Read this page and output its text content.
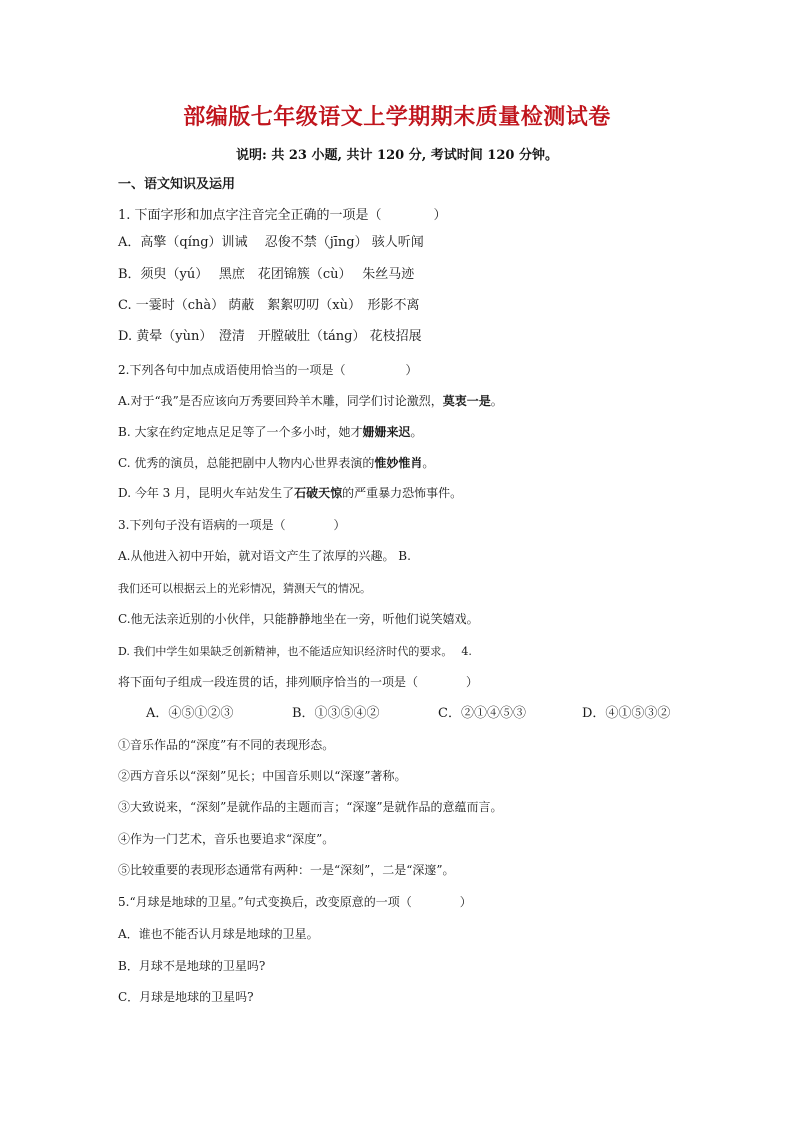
部编版七年级语文上学期期末质量检测试卷
说明: 共 23 小题, 共计 120 分, 考试时间 120 分钟。
一、语文知识及运用
1. 下面字形和加点字注音完全正确的一项是（　　　　）
A．高擎（qíng）训诫　 忍俊不禁（jīng） 骇人听闻
B．须臾（yú）　 黑庶　花团锦簇（cù）　 朱丝马迹
C. 一霎时（chà） 荫蔽　絮絮叨叨（xù）　形影不离
D. 黄晕（yùn）　澄清　开膛破肚（tánɡ） 花枝招展
2.下列各句中加点成语使用恰当的一项是（　　　　　）
A.对于“我”是否应该向万秀要回羚羊木雕，同学们讨论激烈，莫衷一是。
B. 大家在约定地点足足等了一个多小时，她才姗姗来迟。
C. 优秀的演员，总能把剧中人物内心世界表演的惟妙惟肖。
D. 今年 3 月，昆明火车站发生了石破天惊的严重暴力恐怖事件。
3.下列句子没有语病的一项是（　　　　）
A.从他进入初中开始，就对语文产生了浓厚的兴趣。 B.
我们还可以根据云上的光彩情况，猜测天气的情况。
C.他无法亲近别的小伙伴，只能静静地坐在一旁，听他们说笑嬉戏。
D. 我们中学生如果缺乏创新精神，也不能适应知识经济时代的要求。　 4.
将下面句子组成一段连贯的话，排列顺序恰当的一项是（　　　　）
A．④⑤①②③	B．①③⑤④②	C．②①④⑤③	D．④①⑤③②
①音乐作品的“深度”有不同的表现形态。
②西方音乐以“深刻”见长；中国音乐则以“深邃”著称。
③大致说来，“深刻”是就作品的主题而言；“深邃”是就作品的意蕴而言。
④作为一门艺术，音乐也要追求“深度”。
⑤比较重要的表现形态通常有两种：一是“深刻”，二是“深邃”。
5.“月球是地球的卫星。”句式变换后，改变原意的一项（　　　　）
A．谁也不能否认月球是地球的卫星。
B．月球不是地球的卫星吗?
C．月球是地球的卫星吗?
